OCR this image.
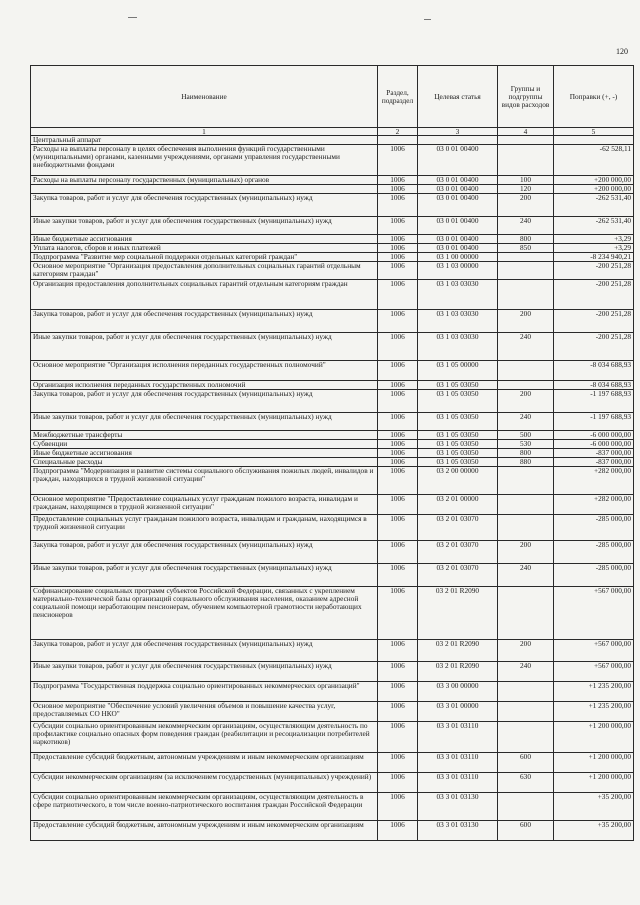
120
Наименование	Раздел, подраздел	Целевая статья	Группы и подгруппы видов расходов	Поправки (+, -)
1	2	3	4	5
Центральный аппарат				
Расходы на выплаты персоналу в целях обеспечения выполнения функций государственными (муниципальными) органами, казенными учреждениями, органами управления государственными внебюджетными фондами	1006	03 0 01 00400		-62 528,11
Расходы на выплаты персоналу государственных (муниципальных) органов	1006	03 0 01 00400	100	+200 000,00
	1006	03 0 01 00400	120	+200 000,00
Закупка товаров, работ и услуг для обеспечения государственных (муниципальных) нужд	1006	03 0 01 00400	200	-262 531,40
Иные закупки товаров, работ и услуг для обеспечения государственных (муниципальных) нужд	1006	03 0 01 00400	240	-262 531,40
Иные бюджетные ассигнования	1006	03 0 01 00400	800	+3,29
Уплата налогов, сборов и иных платежей	1006	03 0 01 00400	850	+3,29
Подпрограмма "Развитие мер социальной поддержки отдельных категорий граждан"	1006	03 1 00 00000		-8 234 940,21
Основное мероприятие "Организация предоставления дополнительных социальных гарантий отдельным категориям граждан"	1006	03 1 03 00000		-200 251,28
Организация предоставления дополнительных социальных гарантий отдельным категориям граждан	1006	03 1 03 03030		-200 251,28
Закупка товаров, работ и услуг для обеспечения государственных (муниципальных) нужд	1006	03 1 03 03030	200	-200 251,28
Иные закупки товаров, работ и услуг для обеспечения государственных (муниципальных) нужд	1006	03 1 03 03030	240	-200 251,28
Основное мероприятие "Организация исполнения переданных государственных полномочий"	1006	03 1 05 00000		-8 034 688,93
Организация исполнения переданных государственных полномочий	1006	03 1 05 03050		-8 034 688,93
Закупка товаров, работ и услуг для обеспечения государственных (муниципальных) нужд	1006	03 1 05 03050	200	-1 197 688,93
Иные закупки товаров, работ и услуг для обеспечения государственных (муниципальных) нужд	1006	03 1 05 03050	240	-1 197 688,93
Межбюджетные трансферты	1006	03 1 05 03050	500	-6 000 000,00
Субвенции	1006	03 1 05 03050	530	-6 000 000,00
Иные бюджетные ассигнования	1006	03 1 05 03050	800	-837 000,00
Специальные расходы	1006	03 1 05 03050	880	-837 000,00
Подпрограмма "Модернизация и развитие системы социального обслуживания пожилых людей, инвалидов и граждан, находящихся в трудной жизненной ситуации"	1006	03 2 00 00000		+282 000,00
Основное мероприятие "Предоставление социальных услуг гражданам пожилого возраста, инвалидам и гражданам, находящимся в трудной жизненной ситуации"	1006	03 2 01 00000		+282 000,00
Предоставление социальных услуг гражданам пожилого возраста, инвалидам и гражданам, находящимся в трудной жизненной ситуации	1006	03 2 01 03070		-285 000,00
Закупка товаров, работ и услуг для обеспечения государственных (муниципальных) нужд	1006	03 2 01 03070	200	-285 000,00
Иные закупки товаров, работ и услуг для обеспечения государственных (муниципальных) нужд	1006	03 2 01 03070	240	-285 000,00
Софинансирование социальных программ субъектов Российской Федерации, связанных с укреплением материально-технической базы организаций социального обслуживания населения, оказанием адресной социальной помощи неработающим пенсионерам, обучением компьютерной грамотности неработающих пенсионеров	1006	03 2 01 R2090		+567 000,00
Закупка товаров, работ и услуг для обеспечения государственных (муниципальных) нужд	1006	03 2 01 R2090	200	+567 000,00
Иные закупки товаров, работ и услуг для обеспечения государственных (муниципальных) нужд	1006	03 2 01 R2090	240	+567 000,00
Подпрограмма "Государственная поддержка социально ориентированных некоммерческих организаций"	1006	03 3 00 00000		+1 235 200,00
Основное мероприятие "Обеспечение условий увеличения объемов и повышение качества услуг, предоставляемых СО НКО"	1006	03 3 01 00000		+1 235 200,00
Субсидии социально ориентированным некоммерческим организациям, осуществляющим деятельность по профилактике социально опасных форм поведения граждан (реабилитации и ресоциализации потребителей наркотиков)	1006	03 3 01 03110		+1 200 000,00
Предоставление субсидий бюджетным, автономным учреждениям и иным некоммерческим организациям	1006	03 3 01 03110	600	+1 200 000,00
Субсидии некоммерческим организациям (за исключением государственных (муниципальных) учреждений)	1006	03 3 01 03110	630	+1 200 000,00
Субсидии социально ориентированным некоммерческим организациям, осуществляющим деятельность в сфере патриотического, в том числе военно-патриотического воспитания граждан Российской Федерации	1006	03 3 01 03130		+35 200,00
Предоставление субсидий бюджетным, автономным учреждениям и иным некоммерческим организациям	1006	03 3 01 03130	600	+35 200,00
